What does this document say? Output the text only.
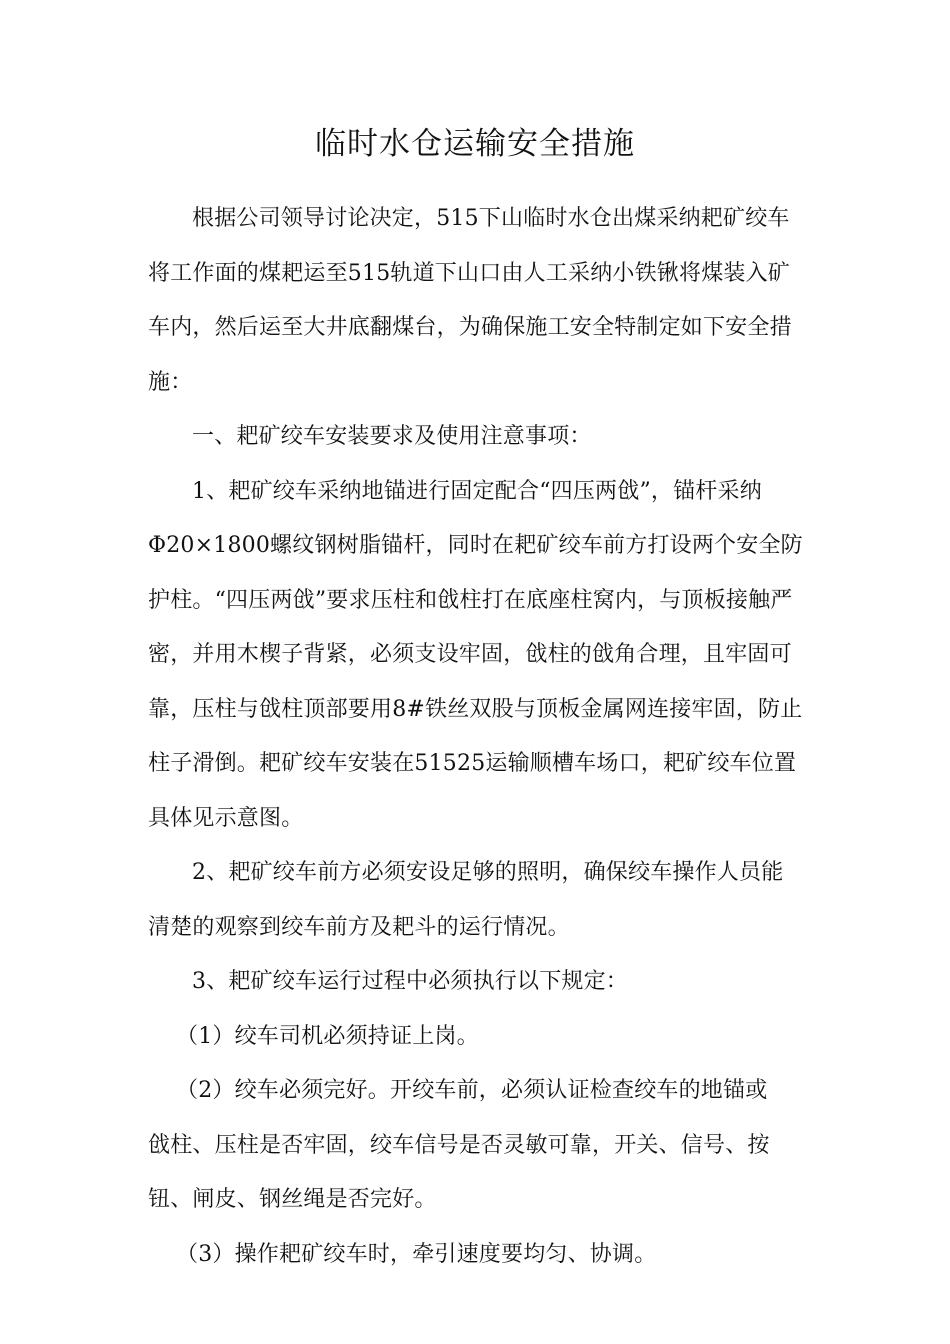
临时水仓运输安全措施
根据公司领导讨论决定，515下山临时水仓出煤采纳耙矿绞车
将工作面的煤耙运至515轨道下山口由人工采纳小铁锹将煤装入矿
车内，然后运至大井底翻煤台，为确保施工安全特制定如下安全措
施：
一、耙矿绞车安装要求及使用注意事项：
1、耙矿绞车采纳地锚进行固定配合“四压两戗”，锚杆采纳
Φ20×1800螺纹钢树脂锚杆，同时在耙矿绞车前方打设两个安全防
护柱。“四压两戗”要求压柱和戗柱打在底座柱窝内，与顶板接触严
密，并用木楔子背紧，必须支设牢固，戗柱的戗角合理，且牢固可
靠，压柱与戗柱顶部要用8#铁丝双股与顶板金属网连接牢固，防止
柱子滑倒。耙矿绞车安装在51525运输顺槽车场口，耙矿绞车位置
具体见示意图。
2、耙矿绞车前方必须安设足够的照明，确保绞车操作人员能
清楚的观察到绞车前方及耙斗的运行情况。
3、耙矿绞车运行过程中必须执行以下规定：
（1）绞车司机必须持证上岗。
（2）绞车必须完好。开绞车前，必须认证检查绞车的地锚或
戗柱、压柱是否牢固，绞车信号是否灵敏可靠，开关、信号、按
钮、闸皮、钢丝绳是否完好。
（3）操作耙矿绞车时，牵引速度要均匀、协调。
